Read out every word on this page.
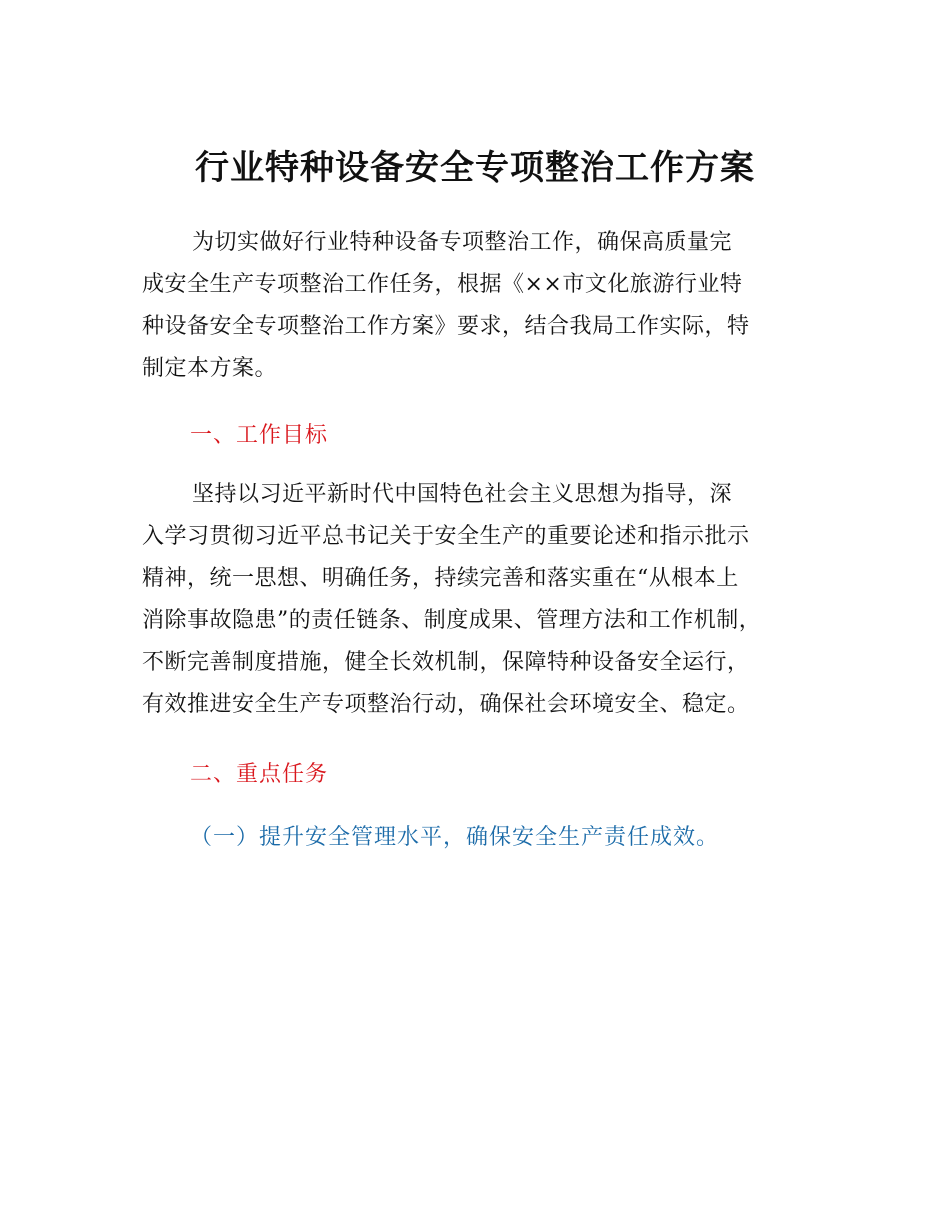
行业特种设备安全专项整治工作方案
为切实做好行业特种设备专项整治工作，确保高质量完
成安全生产专项整治工作任务，根据《××市文化旅游行业特
种设备安全专项整治工作方案》要求，结合我局工作实际，特
制定本方案。
一、工作目标
坚持以习近平新时代中国特色社会主义思想为指导，深
入学习贯彻习近平总书记关于安全生产的重要论述和指示批示
精神，统一思想、明确任务，持续完善和落实重在“从根本上
消除事故隐患”的责任链条、制度成果、管理方法和工作机制，
不断完善制度措施，健全长效机制，保障特种设备安全运行，
有效推进安全生产专项整治行动，确保社会环境安全、稳定。
二、重点任务
（一）提升安全管理水平，确保安全生产责任成效。
